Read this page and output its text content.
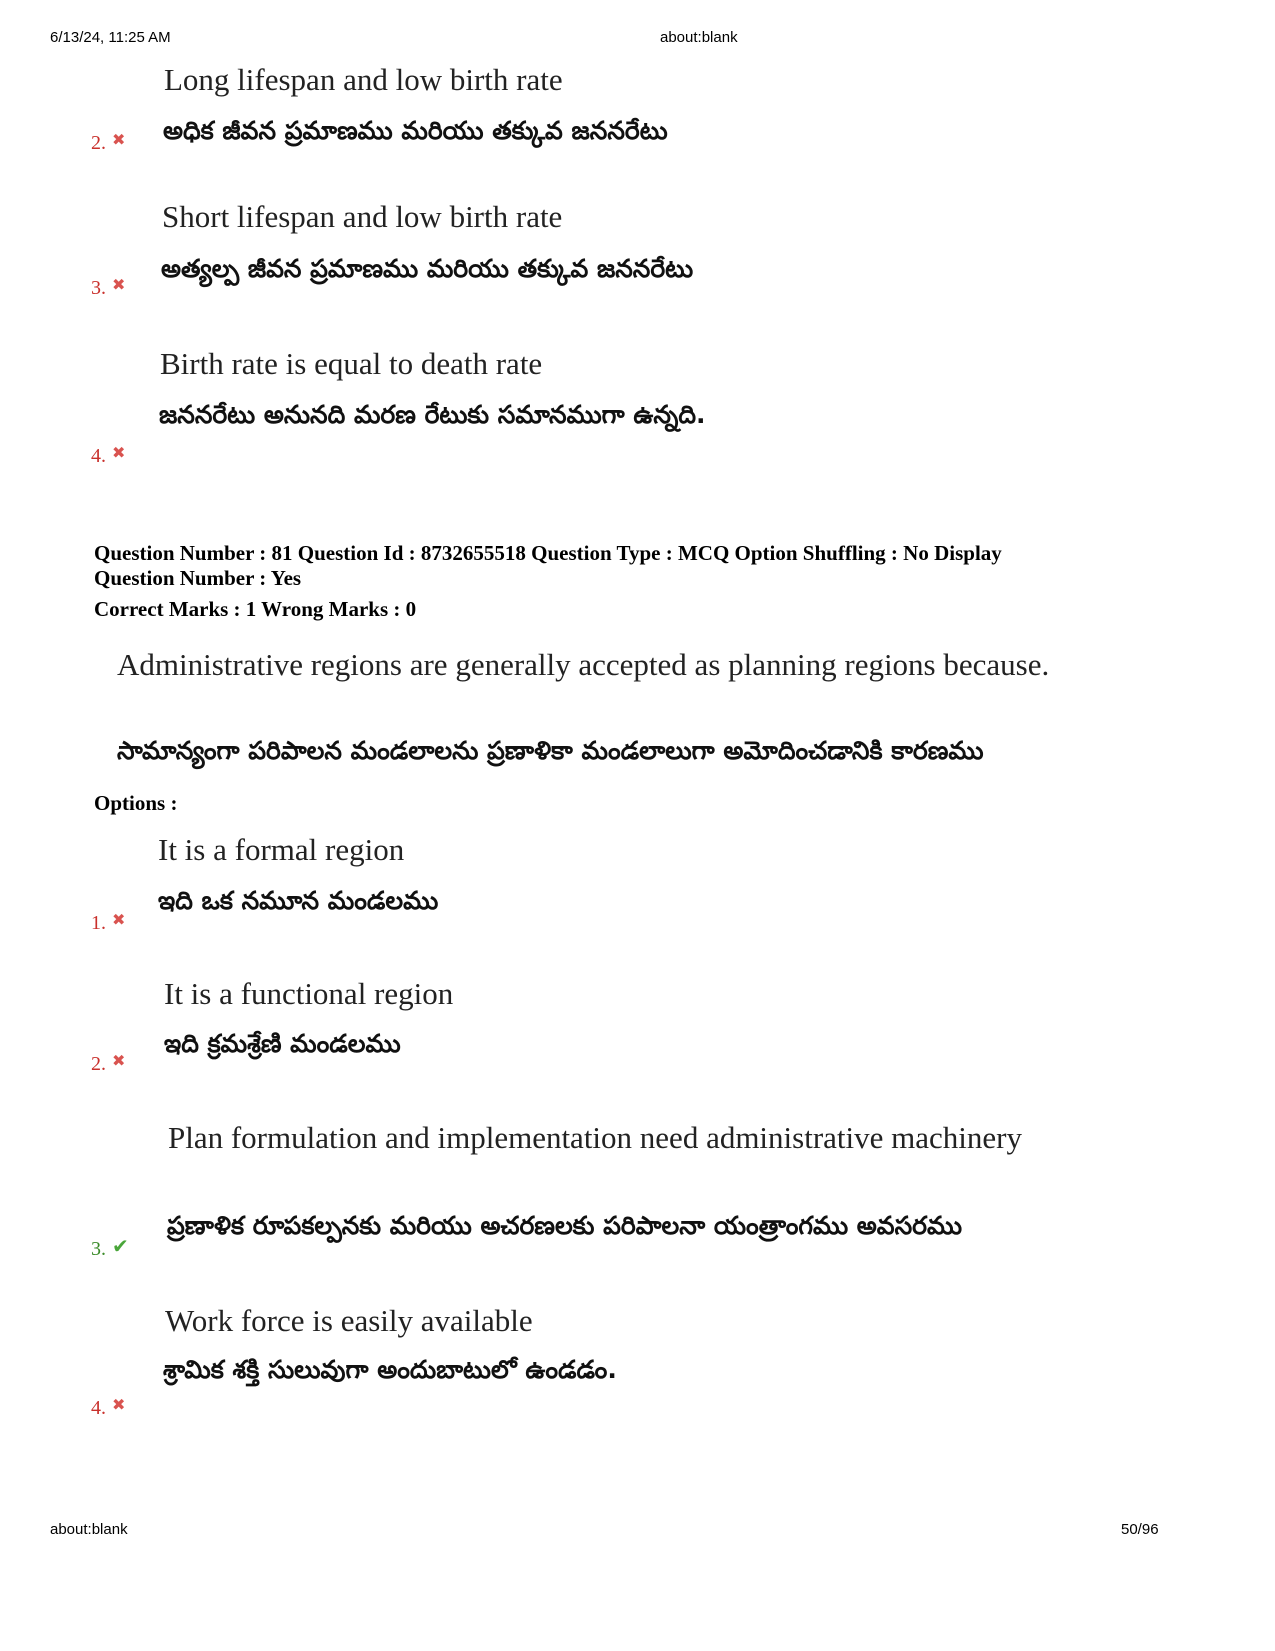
6/13/24, 11:25 AM	about:blank
Long lifespan and low birth rate
అధిక జీవన ప్రమాణము మరియు తక్కువ జననరేటు
2. ✖
Short lifespan and low birth rate
అత్యల్ప జీవన ప్రమాణము మరియు తక్కువ జననరేటు
3. ✖
Birth rate is equal to death rate
జననరేటు అనునది మరణ రేటుకు సమానముగా ఉన్నది.
4. ✖
Question Number : 81 Question Id : 8732655518 Question Type : MCQ Option Shuffling : No Display
Question Number : Yes
Correct Marks : 1 Wrong Marks : 0
Administrative regions are generally accepted as planning regions because.
సామాన్యంగా పరిపాలన మండలాలను ప్రణాళికా మండలాలుగా అమోదించడానికి కారణము
Options :
It is a formal region
ఇది ఒక నమూన మండలము
1. ✖
It is a functional region
ఇది క్రమశ్రేణి మండలము
2. ✖
Plan formulation and implementation need administrative machinery
ప్రణాళిక రూపకల్పనకు మరియు అచరణలకు పరిపాలనా యంత్రాంగము అవసరము
3. ✔
Work force is easily available
శ్రామిక శక్తి సులువుగా అందుబాటులో ఉండడం.
4. ✖
about:blank	50/96
